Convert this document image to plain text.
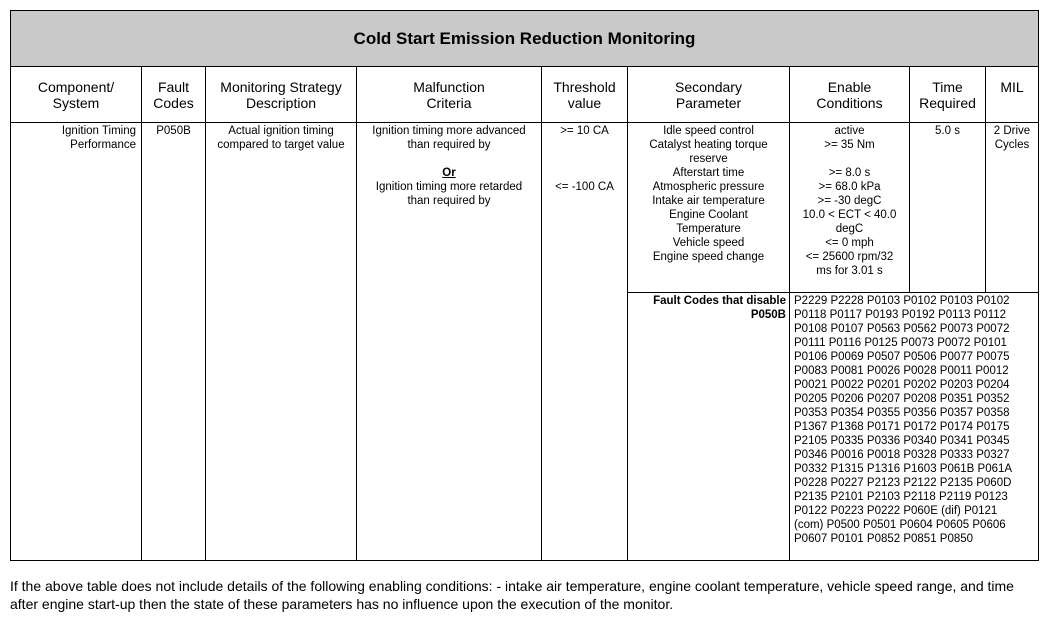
Cold Start Emission Reduction Monitoring
Component/
System
Fault
Codes
Monitoring Strategy
Description
Malfunction
Criteria
Threshold
value
Secondary
Parameter
Enable
Conditions
Time
Required
MIL
Ignition Timing
Performance
P050B	Actual ignition timing
compared to target value
Ignition timing more advanced
than required by
Or
Ignition timing more retarded
than required by
>= 10 CA
<= -100 CA
Idle speed control
Catalyst heating torque
reserve
Afterstart time
Atmospheric pressure
Intake air temperature
Engine Coolant
Temperature
Vehicle speed
Engine speed change
active
>= 35 Nm
>= 8.0 s
>= 68.0 kPa
>= -30 degC
10.0 < ECT < 40.0
degC
<= 0 mph
<= 25600 rpm/32
ms for 3.01 s
5.0 s	2 Drive
Cycles
Fault Codes that disable
P050B
P2229 P2228 P0103 P0102 P0103 P0102
P0118 P0117 P0193 P0192 P0113 P0112
P0108 P0107 P0563 P0562 P0073 P0072
P0111 P0116 P0125 P0073 P0072 P0101
P0106 P0069 P0507 P0506 P0077 P0075
P0083 P0081 P0026 P0028 P0011 P0012
P0021 P0022 P0201 P0202 P0203 P0204
P0205 P0206 P0207 P0208 P0351 P0352
P0353 P0354 P0355 P0356 P0357 P0358
P1367 P1368 P0171 P0172 P0174 P0175
P2105 P0335 P0336 P0340 P0341 P0345
P0346 P0016 P0018 P0328 P0333 P0327
P0332 P1315 P1316 P1603 P061B P061A
P0228 P0227 P2123 P2122 P2135 P060D
P2135 P2101 P2103 P2118 P2119 P0123
P0122 P0223 P0222 P060E (dif) P0121
(com) P0500 P0501 P0604 P0605 P0606
P0607 P0101 P0852 P0851 P0850
If the above table does not include details of the following enabling conditions: - intake air temperature, engine coolant temperature, vehicle speed range, and time after engine start-up then the state of these parameters has no influence upon the execution of the monitor.
